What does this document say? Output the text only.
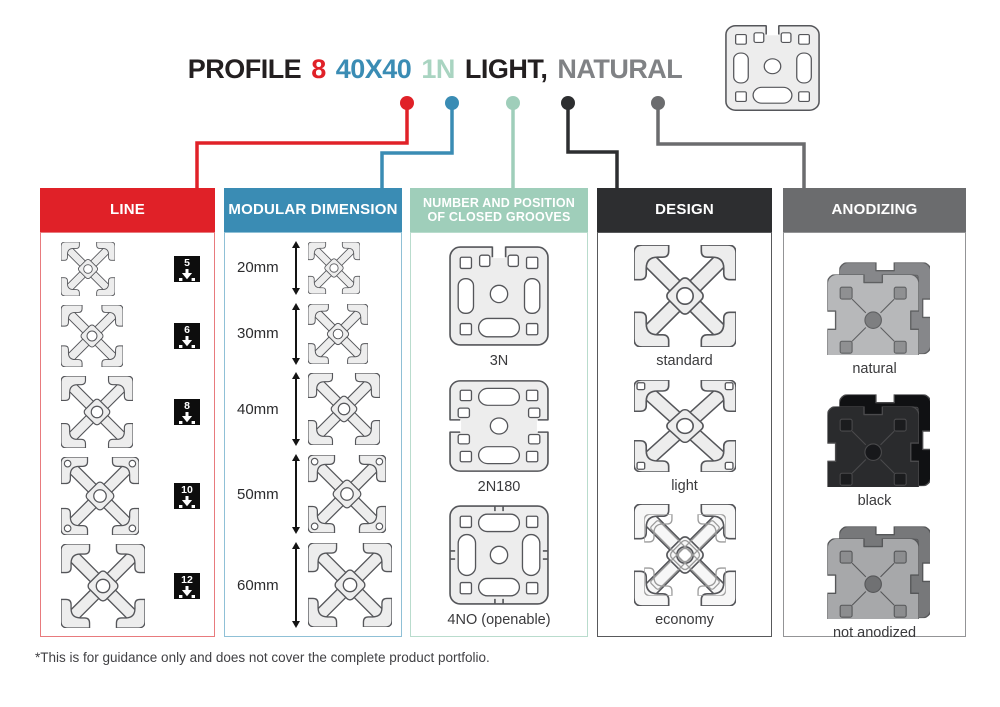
PROFILE 8 40X40 1N LIGHT, NATURAL
LINE
5
6
8
10
12
MODULAR DIMENSION
20mm
30mm
40mm
50mm
60mm
NUMBER AND POSITION OF CLOSED GROOVES
3N
2N180
4NO (openable)
DESIGN
standard
light
economy
ANODIZING
natural
black
not anodized
*This is for guidance only and does not cover the complete product portfolio.
